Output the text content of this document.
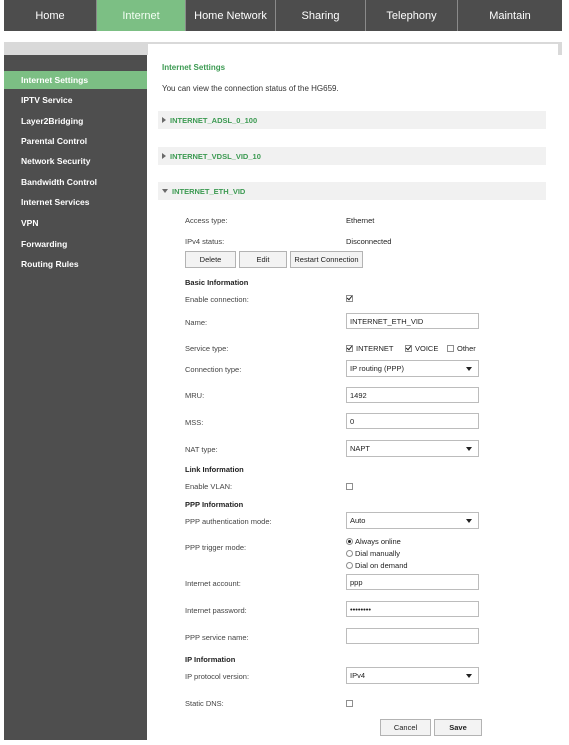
Home	Internet	Home Network	Sharing	Telephony	Maintain
Internet Settings
IPTV Service
Layer2Bridging
Parental Control
Network Security
Bandwidth Control
Internet Services
VPN
Forwarding
Routing Rules
Internet Settings
You can view the connection status of the HG659.
INTERNET_ADSL_0_100
INTERNET_VDSL_VID_10
INTERNET_ETH_VID
Access type:	Ethernet
IPv4 status:	Disconnected
Delete	Edit	Restart Connection
Basic Information
Enable connection:
Name:	INTERNET_ETH_VID
Service type:	INTERNET	VOICE Other
Connection type:	IP routing (PPP)
MRU:	1492
MSS:	0
NAT type:	NAPT
Link Information
Enable VLAN:
PPP Information
PPP authentication mode:	Auto
PPP trigger mode:
Always online
Dial manually
Dial on demand
Internet account:	ppp
Internet password:	••••••••
PPP service name:
IP Information
IP protocol version:	IPv4
Static DNS:
Cancel	Save
